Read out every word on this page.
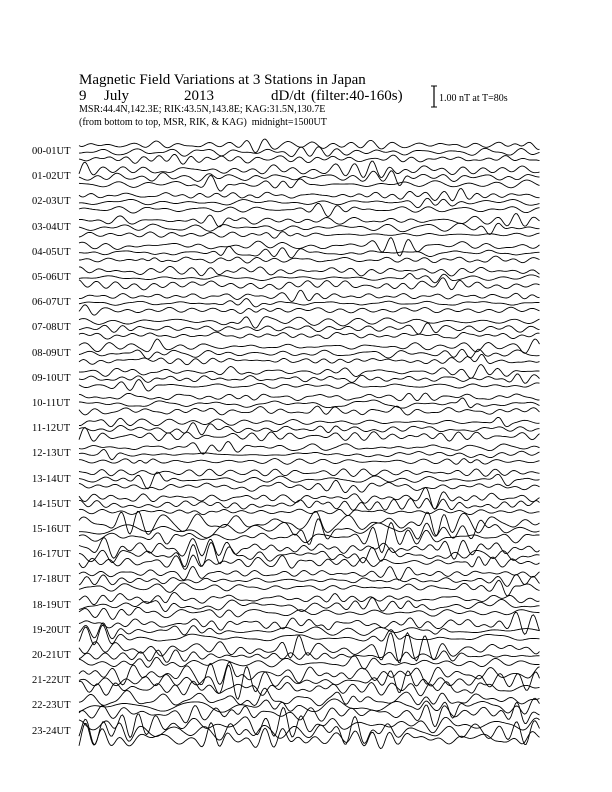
Magnetic Field Variations at 3 Stations in Japan
9 July	2013	dD/dt (filter:40-160s)
MSR:44.4N,142.3E; RIK:43.5N,143.8E; KAG:31.5N,130.7E
(from bottom to top, MSR, RIK, & KAG) midnight=1500UT
1.00 nT at T=80s
00-01UT
01-02UT
02-03UT
03-04UT
04-05UT
05-06UT
06-07UT
07-08UT
08-09UT
09-10UT
10-11UT
11-12UT
12-13UT
13-14UT
14-15UT
15-16UT
16-17UT
17-18UT
18-19UT
19-20UT
20-21UT
21-22UT
22-23UT
23-24UT
